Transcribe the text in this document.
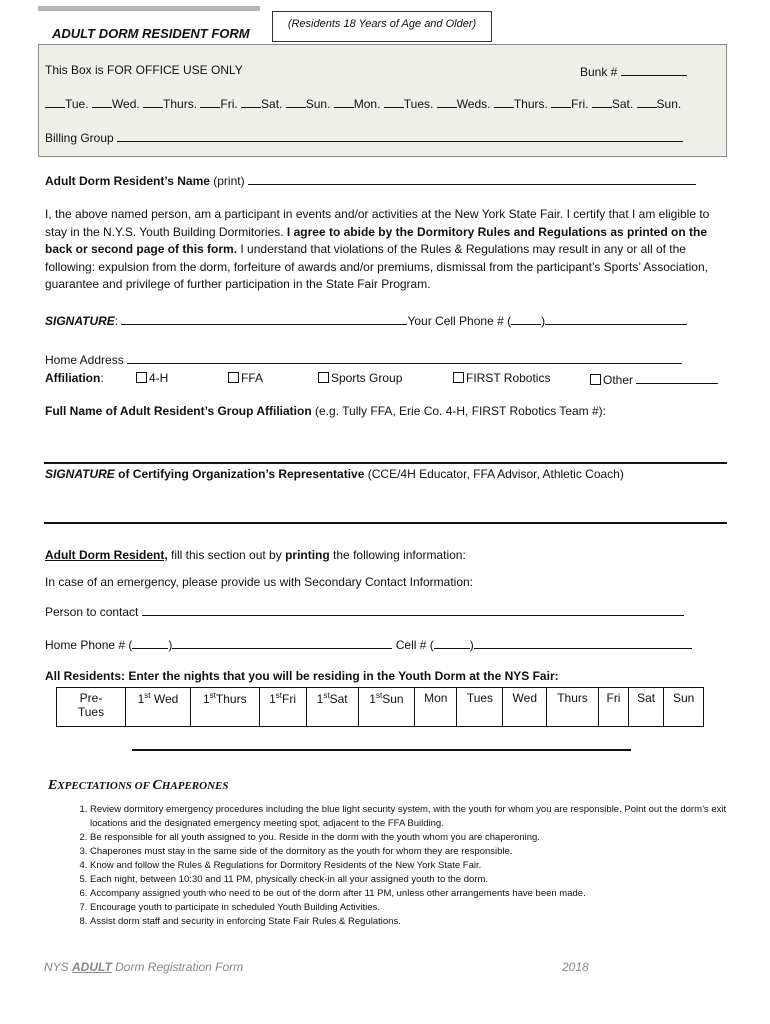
ADULT DORM RESIDENT FORM
(Residents 18 Years of Age and Older)
This Box is FOR OFFICE USE ONLY	Bunk #
Tue. Wed. Thurs. Fri. Sat. Sun. Mon. Tues. Weds. Thurs. Fri. Sat. Sun.
Billing Group
Adult Dorm Resident’s Name (print)
I, the above named person, am a participant in events and/or activities at the New York State Fair. I certify that I am eligible to stay in the N.Y.S. Youth Building Dormitories. I agree to abide by the Dormitory Rules and Regulations as printed on the back or second page of this form. I understand that violations of the Rules & Regulations may result in any or all of the following: expulsion from the dorm, forfeiture of awards and/or premiums, dismissal from the participant’s Sports’ Association, guarantee and privilege of further participation in the State Fair Program.
SIGNATURE:	Your Cell Phone # (	)
Home Address
Affiliation:	4-H	FFA	Sports Group	FIRST Robotics	Other
Full Name of Adult Resident’s Group Affiliation (e.g. Tully FFA, Erie Co. 4-H, FIRST Robotics Team #):
SIGNATURE of Certifying Organization’s Representative (CCE/4H Educator, FFA Advisor, Athletic Coach)
Adult Dorm Resident, fill this section out by printing the following information:
In case of an emergency, please provide us with Secondary Contact Information:
Person to contact
Home Phone # (	)	Cell # (	)
All Residents: Enter the nights that you will be residing in the Youth Dorm at the NYS Fair:
Pre-
Tues	1st Wed	1stThurs	1stFri	1stSat	1stSun	Mon	Tues	Wed	Thurs	Fri	Sat	Sun
EXPECTATIONS OF CHAPERONES
1. Review dormitory emergency procedures including the blue light security system, with the youth for whom you are responsible. Point out the dorm’s exit locations and the designated emergency meeting spot, adjacent to the FFA Building.
2. Be responsible for all youth assigned to you. Reside in the dorm with the youth whom you are chaperoning.
3. Chaperones must stay in the same side of the dormitory as the youth for whom they are responsible.
4. Know and follow the Rules & Regulations for Dormitory Residents of the New York State Fair.
5. Each night, between 10:30 and 11 PM, physically check-in all your assigned youth to the dorm.
6. Accompany assigned youth who need to be out of the dorm after 11 PM, unless other arrangements have been made.
7. Encourage youth to participate in scheduled Youth Building Activities.
8. Assist dorm staff and security in enforcing State Fair Rules & Regulations.
NYS ADULT Dorm Registration Form	2018
